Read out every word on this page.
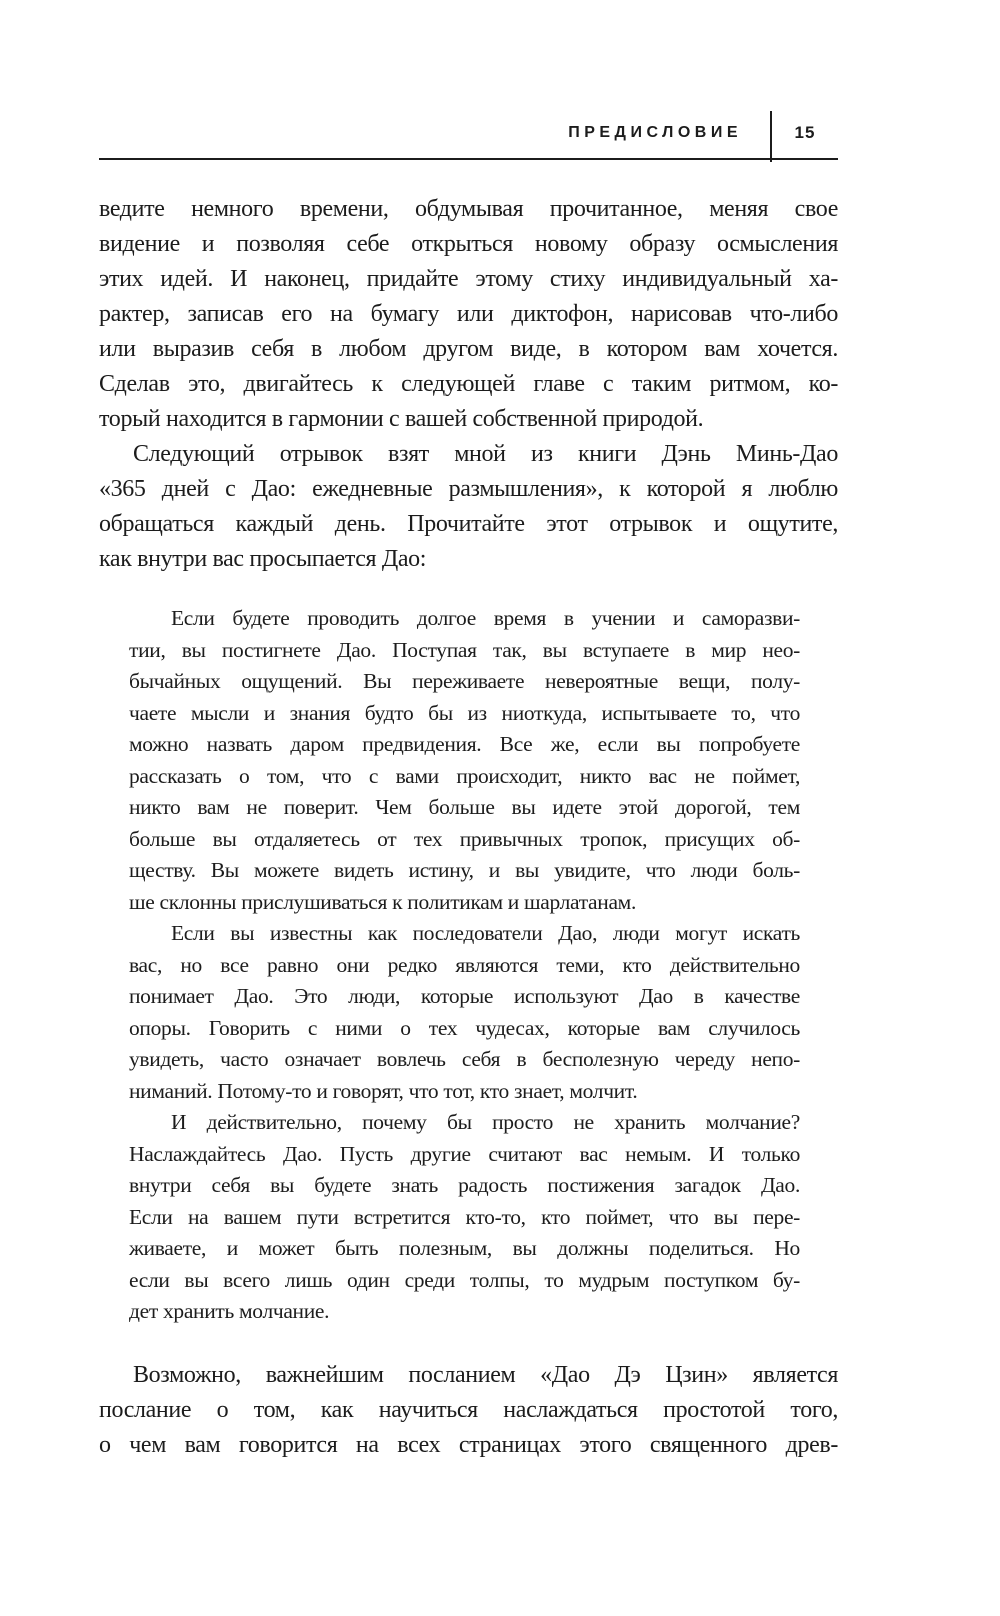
ПРЕДИСЛОВИЕ	15
ведите немного времени, обдумывая прочитанное, меняя свое
видение и позволяя себе открыться новому образу осмысления
этих идей. И наконец, придайте этому стиху индивидуальный ха-
рактер, записав его на бумагу или диктофон, нарисовав что-либо
или выразив себя в любом другом виде, в котором вам хочется.
Сделав это, двигайтесь к следующей главе с таким ритмом, ко-
торый находится в гармонии с вашей собственной природой.
Следующий отрывок взят мной из книги Дэнь Минь-Дао
«365 дней с Дао: ежедневные размышления», к которой я люблю
обращаться каждый день. Прочитайте этот отрывок и ощутите,
как внутри вас просыпается Дао:
Если будете проводить долгое время в учении и саморазви-
тии, вы постигнете Дао. Поступая так, вы вступаете в мир нео-
бычайных ощущений. Вы переживаете невероятные вещи, полу-
чаете мысли и знания будто бы из ниоткуда, испытываете то, что
можно назвать даром предвидения. Все же, если вы попробуете
рассказать о том, что с вами происходит, никто вас не поймет,
никто вам не поверит. Чем больше вы идете этой дорогой, тем
больше вы отдаляетесь от тех привычных тропок, присущих об-
ществу. Вы можете видеть истину, и вы увидите, что люди боль-
ше склонны прислушиваться к политикам и шарлатанам.
Если вы известны как последователи Дао, люди могут искать
вас, но все равно они редко являются теми, кто действительно
понимает Дао. Это люди, которые используют Дао в качестве
опоры. Говорить с ними о тех чудесах, которые вам случилось
увидеть, часто означает вовлечь себя в бесполезную череду непо-
ниманий. Потому-то и говорят, что тот, кто знает, молчит.
И действительно, почему бы просто не хранить молчание?
Наслаждайтесь Дао. Пусть другие считают вас немым. И только
внутри себя вы будете знать радость постижения загадок Дао.
Если на вашем пути встретится кто-то, кто поймет, что вы пере-
живаете, и может быть полезным, вы должны поделиться. Но
если вы всего лишь один среди толпы, то мудрым поступком бу-
дет хранить молчание.
Возможно, важнейшим посланием «Дао Дэ Цзин» является
послание о том, как научиться наслаждаться простотой того,
о чем вам говорится на всех страницах этого священного древ-
